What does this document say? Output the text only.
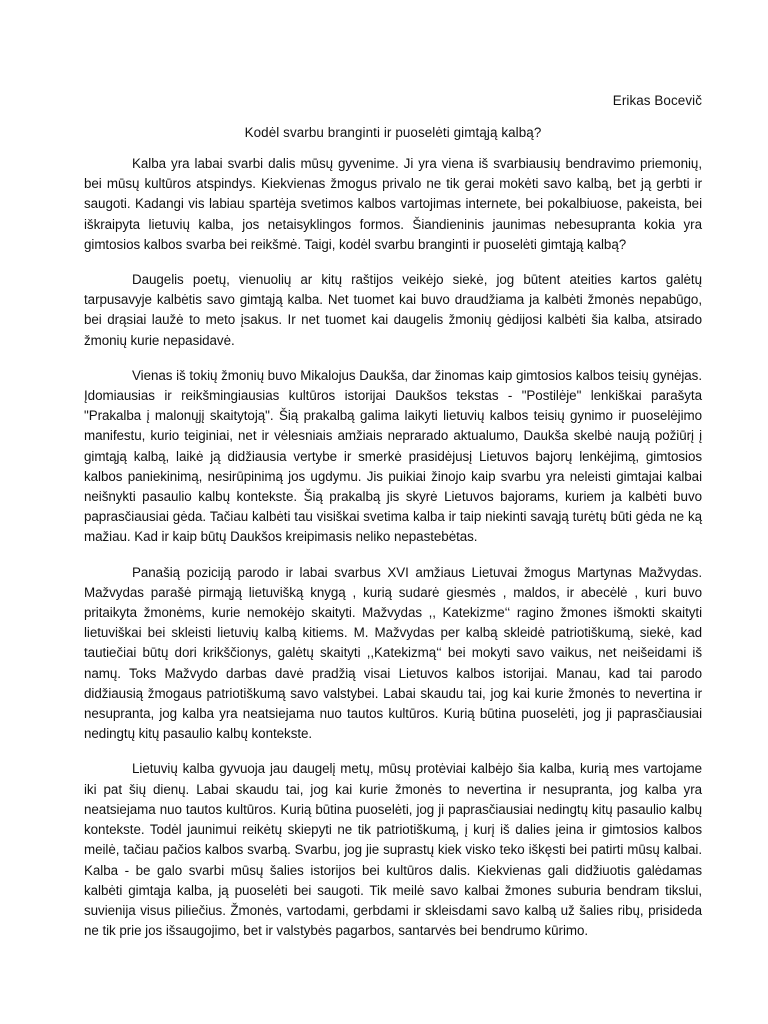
Erikas Bocevič
Kodėl svarbu branginti ir puoselėti gimtąją kalbą?

Kalba yra labai svarbi dalis mūsų gyvenime. Ji yra viena iš svarbiausių bendravimo priemonių, bei mūsų kultūros atspindys. Kiekvienas žmogus privalo ne tik gerai mokėti savo kalbą, bet ją gerbti ir saugoti. Kadangi vis labiau spartėja svetimos kalbos vartojimas internete, bei pokalbiuose, pakeista, bei iškraipyta lietuvių kalba, jos netaisyklingos formos. Šiandieninis jaunimas nebesupranta kokia yra gimtosios kalbos svarba bei reikšmė. Taigi, kodėl svarbu branginti ir puoselėti gimtąją kalbą?

Daugelis poetų, vienuolių ar kitų raštijos veikėjo siekė, jog būtent ateities kartos galėtų tarpusavyje kalbėtis savo gimtąją kalba. Net tuomet kai buvo draudžiama ja kalbėti žmonės nepabūgo, bei drąsiai laužė to meto įsakus. Ir net tuomet kai daugelis žmonių gėdijosi kalbėti šia kalba, atsirado žmonių kurie nepasidavė.

Vienas iš tokių žmonių buvo Mikalojus Daukša, dar žinomas kaip gimtosios kalbos teisių gynėjas. Įdomiausias ir reikšmingiausias kultūros istorijai Daukšos tekstas - "Postilėje" lenkiškai parašyta "Prakalba į malonųjį skaitytoją". Šią prakalbą galima laikyti lietuvių kalbos teisių gynimo ir puoselėjimo manifestu, kurio teiginiai, net ir vėlesniais amžiais neprarado aktualumo, Daukša skelbė naują požiūrį į gimtąją kalbą, laikė ją didžiausia vertybe ir smerkė prasidėjusį Lietuvos bajorų lenkėjimą, gimtosios kalbos paniekinimą, nesirūpinimą jos ugdymu. Jis puikiai žinojo kaip svarbu yra neleisti gimtajai kalbai neišnykti pasaulio kalbų kontekste. Šią prakalbą jis skyrė Lietuvos bajorams, kuriem ja kalbėti buvo paprasčiausiai gėda. Tačiau kalbėti tau visiškai svetima kalba ir taip niekinti savąją turėtų būti gėda ne ką mažiau. Kad ir kaip būtų Daukšos kreipimasis neliko nepastebėtas.

Panašią poziciją parodo ir labai svarbus XVI amžiaus Lietuvai žmogus Martynas Mažvydas. Mažvydas parašė pirmąją lietuvišką knygą , kurią sudarė giesmės , maldos, ir abecėlė , kuri buvo pritaikyta žmonėms, kurie nemokėjo skaityti. Mažvydas ,, Katekizme‘‘ ragino žmones išmokti skaityti lietuviškai bei skleisti lietuvių kalbą kitiems. M. Mažvydas per kalbą skleidė patriotiškumą, siekė, kad tautiečiai būtų dori krikščionys, galėtų skaityti ,,Katekizmą‘‘ bei mokyti savo vaikus, net neišeidami iš namų. Toks Mažvydo darbas davė pradžią visai Lietuvos kalbos istorijai. Manau, kad tai parodo didžiausią žmogaus patriotiškumą savo valstybei. Labai skaudu tai, jog kai kurie žmonės to nevertina ir nesupranta, jog kalba yra neatsiejama nuo tautos kultūros. Kurią būtina puoselėti, jog ji paprasčiausiai nedingtų kitų pasaulio kalbų kontekste.

Lietuvių kalba gyvuoja jau daugelį metų, mūsų protėviai kalbėjo šia kalba, kurią mes vartojame iki pat šių dienų. Labai skaudu tai, jog kai kurie žmonės to nevertina ir nesupranta, jog kalba yra neatsiejama nuo tautos kultūros. Kurią būtina puoselėti, jog ji paprasčiausiai nedingtų kitų pasaulio kalbų kontekste. Todėl jaunimui reikėtų skiepyti ne tik patriotiškumą, į kurį iš dalies įeina ir gimtosios kalbos meilė, tačiau pačios kalbos svarbą. Svarbu, jog jie suprastų kiek visko teko iškęsti bei patirti mūsų kalbai. Kalba - be galo svarbi mūsų šalies istorijos bei kultūros dalis. Kiekvienas gali didžiuotis galėdamas kalbėti gimtąja kalba, ją puoselėti bei saugoti. Tik meilė savo kalbai žmones suburia bendram tikslui, suvienija visus piliečius. Žmonės, vartodami, gerbdami ir skleisdami savo kalbą už šalies ribų, prisideda ne tik prie jos išsaugojimo, bet ir valstybės pagarbos, santarvės bei bendrumo kūrimo.
